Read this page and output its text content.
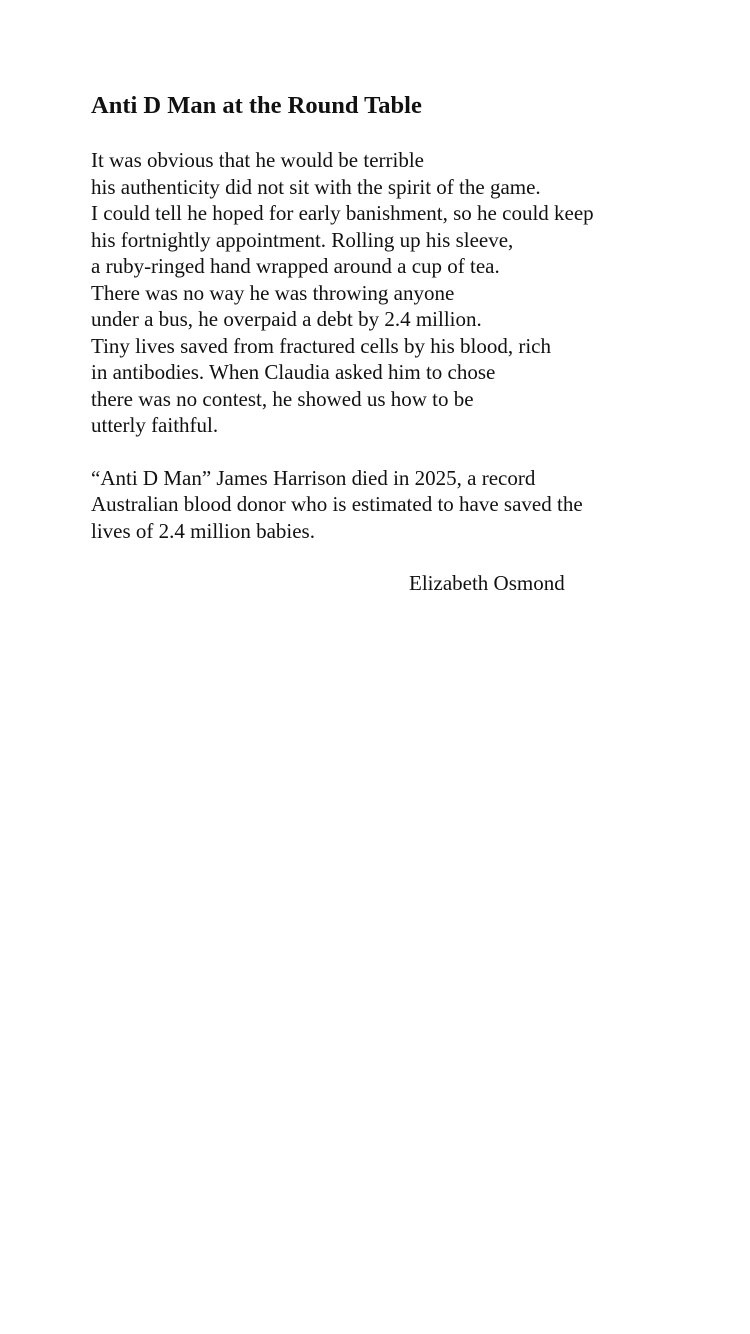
Anti D Man at the Round Table
It was obvious that he would be terrible
his authenticity did not sit with the spirit of the game.
I could tell he hoped for early banishment, so he could keep
his fortnightly appointment. Rolling up his sleeve,
a ruby-ringed hand wrapped around a cup of tea.
There was no way he was throwing anyone
under a bus, he overpaid a debt by 2.4 million.
Tiny lives saved from fractured cells by his blood, rich
in antibodies. When Claudia asked him to chose
there was no contest, he showed us how to be
utterly faithful.
“Anti D Man” James Harrison died in 2025, a record
Australian blood donor who is estimated to have saved the
lives of 2.4 million babies.
Elizabeth Osmond
